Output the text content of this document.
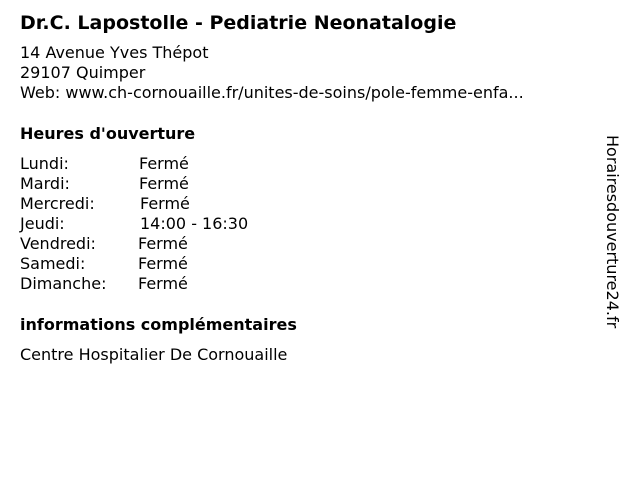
Dr.C. Lapostolle - Pediatrie Neonatalogie
14 Avenue Yves Thépot
29107 Quimper
Web: www.ch-cornouaille.fr/unites-de-soins/pole-femme-enfa...
Heures d'ouverture
Lundi:	Fermé
Mardi:	Fermé
Mercredi:	Fermé
Jeudi:	14:00 - 16:30
Vendredi:	Fermé
Samedi:	Fermé
Dimanche: Fermé
informations complémentaires
Centre Hospitalier De Cornouaille
Horairesdouverture24.fr
